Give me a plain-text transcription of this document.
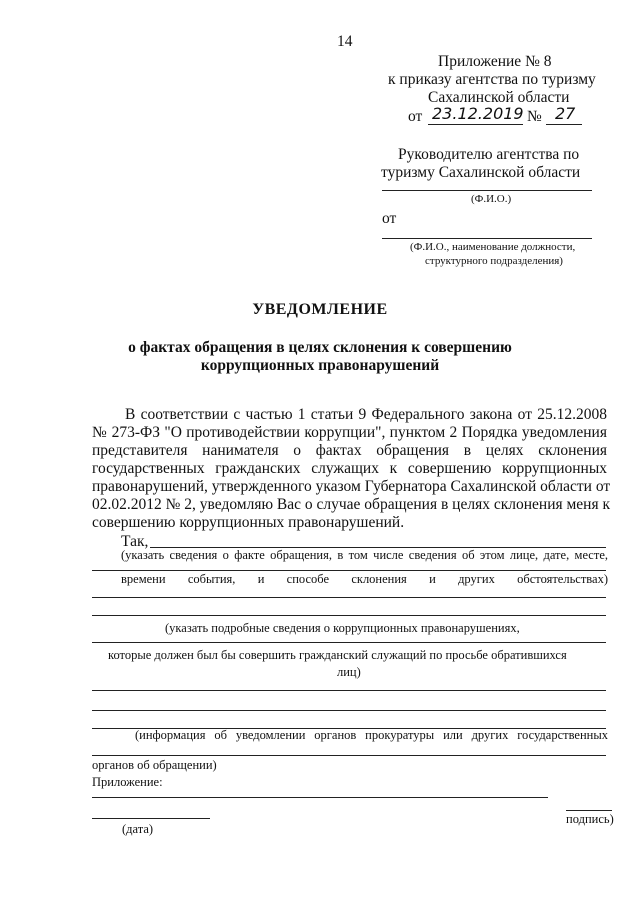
14
Приложение № 8
к приказу агентства по туризму
Сахалинской области
от 23.12.2019 № 27
Руководителю агентства по
туризму Сахалинской области
(Ф.И.О.)
от
(Ф.И.О., наименование должности,
структурного подразделения)
УВЕДОМЛЕНИЕ
о фактах обращения в целях склонения к совершению
коррупционных правонарушений
В соответствии с частью 1 статьи 9 Федерального закона от 25.12.2008
№ 273-ФЗ "О противодействии коррупции", пунктом 2 Порядка уведомления
представителя нанимателя о фактах обращения в целях склонения
государственных гражданских служащих к совершению коррупционных
правонарушений, утвержденного указом Губернатора Сахалинской области от
02.02.2012 № 2, уведомляю Вас о случае обращения в целях склонения меня к
совершению коррупционных правонарушений.
Так,
(указать сведения о факте обращения, в том числе сведения об этом лице, дате, месте,
времени события, и способе склонения и других обстоятельствах)
(указать подробные сведения о коррупционных правонарушениях,
которые должен был бы совершить гражданский служащий по просьбе обратившихся
лиц)
(информация об уведомлении органов прокуратуры или других государственных
органов об обращении)
Приложение:
подпись)
(дата)
